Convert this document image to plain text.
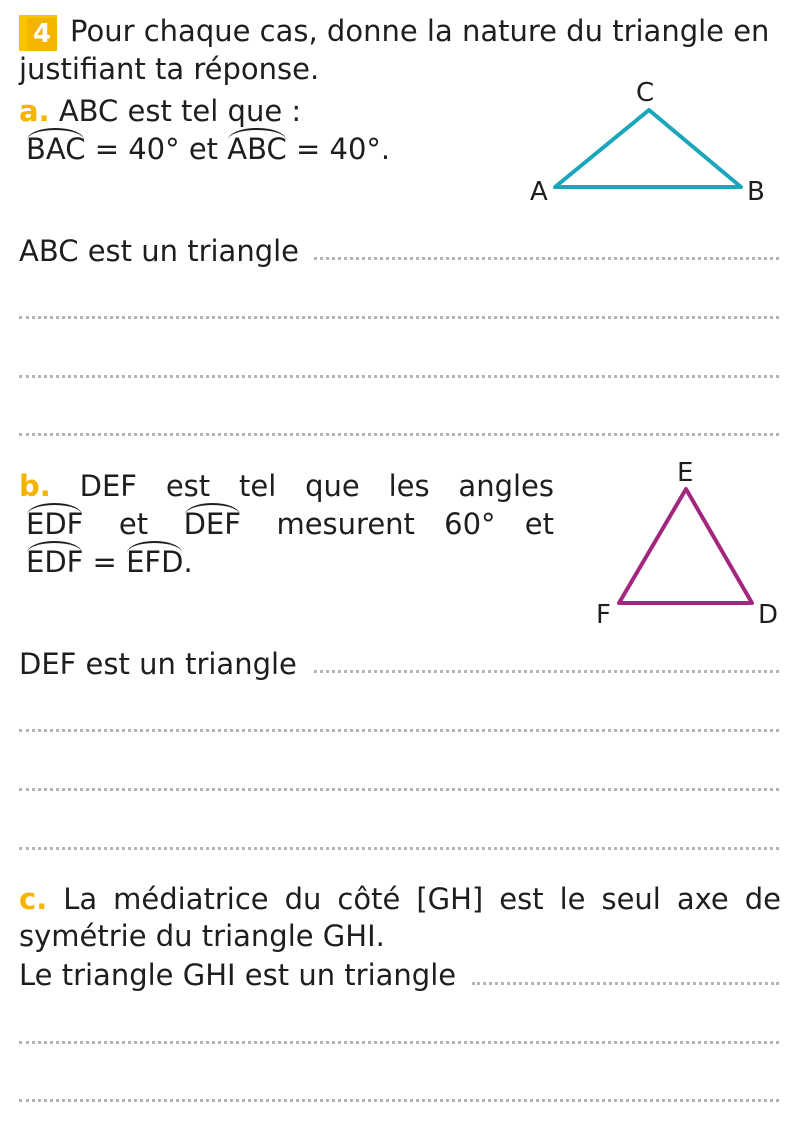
4 Pour chaque cas, donne la nature du triangle en
justifiant ta réponse.
a. ABC est tel que :
BAC = 40° et ABC = 40°.
C
A	B
ABC est un triangle
b. DEF est tel que les angles
EDF et DEF mesurent 60° et
EDF = EFD.
E
F	D
DEF est un triangle
c. La médiatrice du côté [GH] est le seul axe de
symétrie du triangle GHI.
Le triangle GHI est un triangle
